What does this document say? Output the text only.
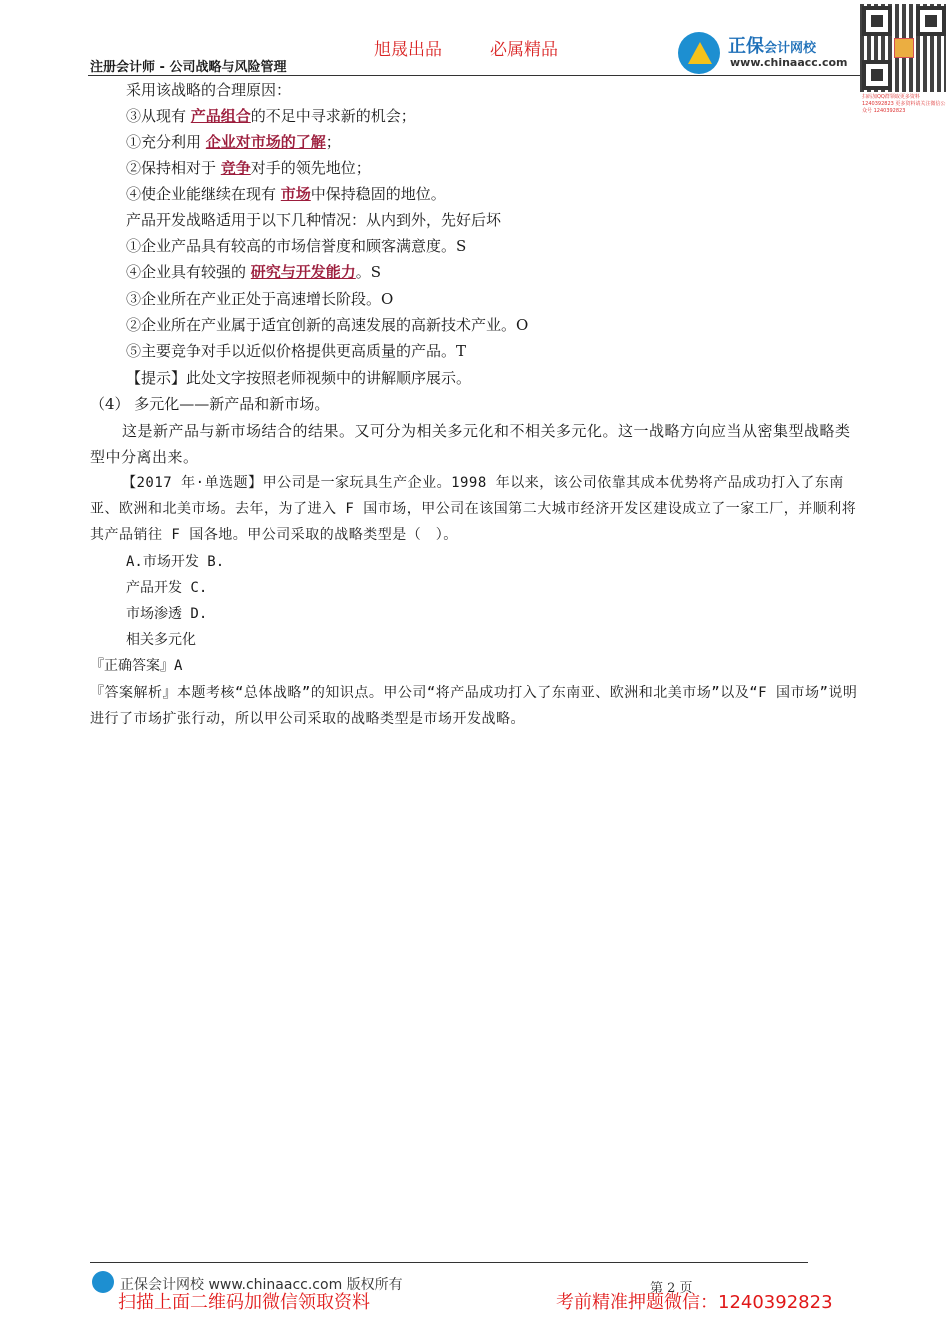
旭晟出品	必属精品
注册会计师 - 公司战略与风险管理
正保会计网校
www.chinaacc.com
扫码加QQ群领取更多资料 1240392823 更多资料请关注微信公众号 1240392823
采用该战略的合理原因：
③从现有 产品组合的不足中寻求新的机会；
①充分利用 企业对市场的了解；
②保持相对于 竞争对手的领先地位；
④使企业能继续在现有 市场中保持稳固的地位。
产品开发战略适用于以下几种情况：从内到外，先好后坏
①企业产品具有较高的市场信誉度和顾客满意度。S
④企业具有较强的 研究与开发能力。S
③企业所在产业正处于高速增长阶段。O
②企业所在产业属于适宜创新的高速发展的高新技术产业。O
⑤主要竞争对手以近似价格提供更高质量的产品。T
【提示】此处文字按照老师视频中的讲解顺序展示。
（4） 多元化——新产品和新市场。
这是新产品与新市场结合的结果。又可分为相关多元化和不相关多元化。这一战略方向应当从密集型战略类型中分离出来。
【2017 年·单选题】甲公司是一家玩具生产企业。1998 年以来，该公司依靠其成本优势将产品成功打入了东南亚、欧洲和北美市场。去年，为了进入 F 国市场，甲公司在该国第二大城市经济开发区建设成立了一家工厂，并顺利将其产品销往 F 国各地。甲公司采取的战略类型是（　）。
A.市场开发 B.
产品开发 C.
市场渗透 D.
相关多元化
『正确答案』A
『答案解析』本题考核“总体战略”的知识点。甲公司“将产品成功打入了东南亚、欧洲和北美市场”以及“F 国市场”说明进行了市场扩张行动，所以甲公司采取的战略类型是市场开发战略。
正保会计网校 www.chinaacc.com 版权所有	第 2 页
扫描上面二维码加微信领取资料	考前精准押题微信：1240392823
